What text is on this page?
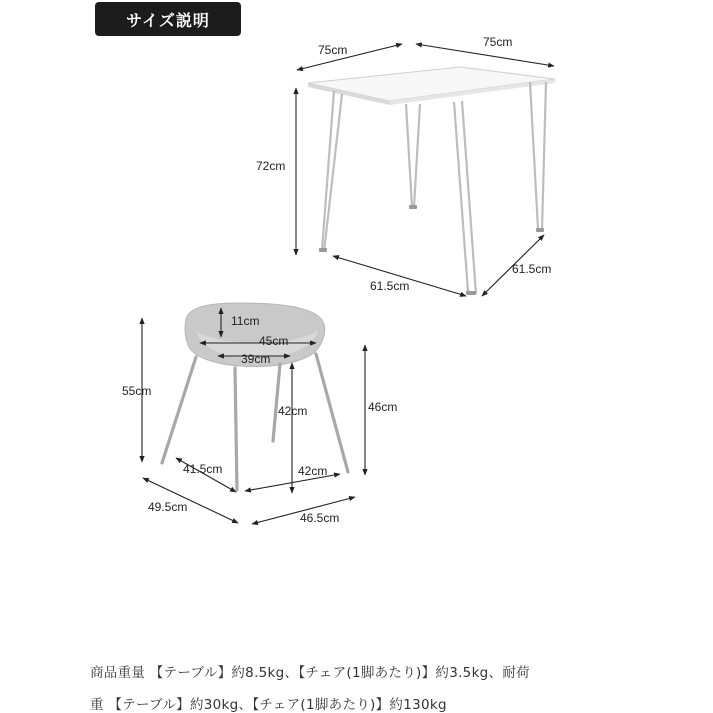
サイズ説明
75cm
75cm
72cm
61.5cm
61.5cm
11cm
45cm
39cm
55cm
42cm	46cm
41.5cm	42cm
49.5cm
46.5cm
商品重量 【テーブル】約8.5kg、【チェア(1脚あたり)】約3.5kg、耐荷
重 【テーブル】約30kg、【チェア(1脚あたり)】約130kg
